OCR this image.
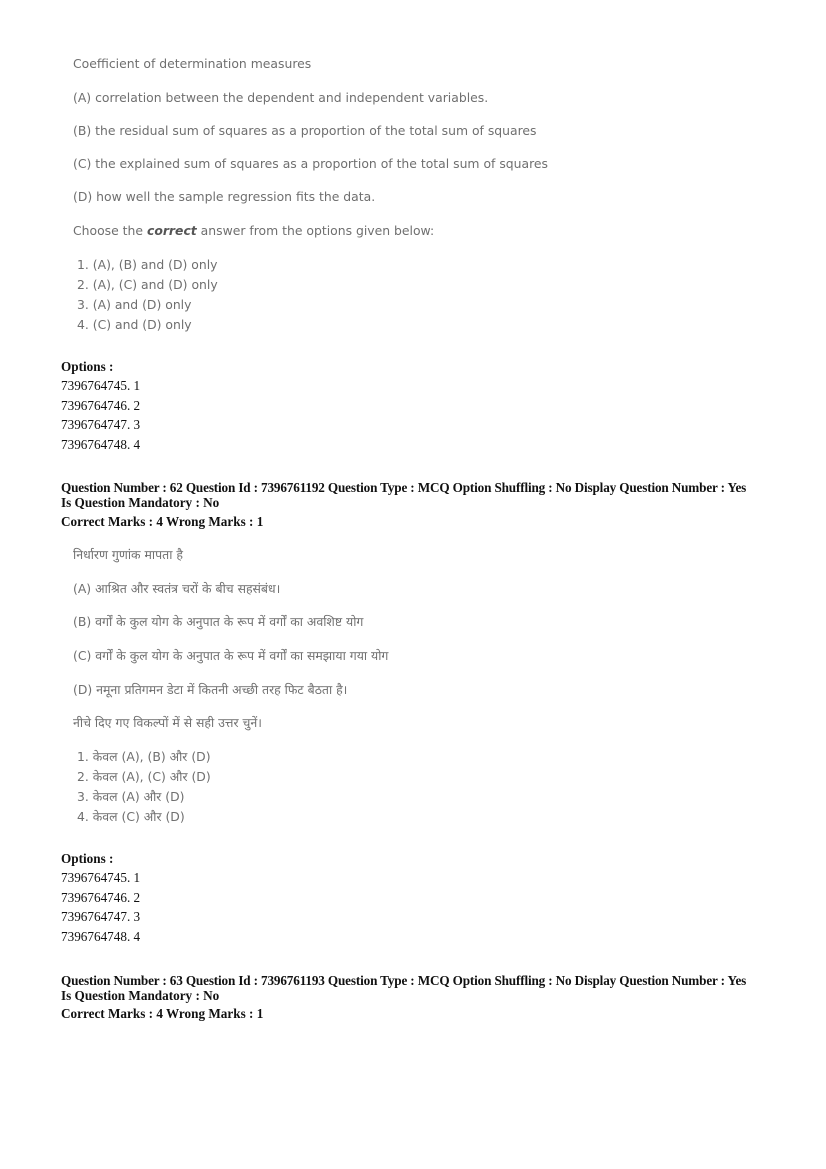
Coefficient of determination measures
(A) correlation between the dependent and independent variables.
(B) the residual sum of squares as a proportion of the total sum of squares
(C) the explained sum of squares as a proportion of the total sum of squares
(D) how well the sample regression fits the data.
Choose the correct answer from the options given below:
1. (A), (B) and (D) only
2. (A), (C) and (D) only
3. (A) and (D) only
4. (C) and (D) only
Options :
7396764745. 1
7396764746. 2
7396764747. 3
7396764748. 4
Question Number : 62 Question Id : 7396761192 Question Type : MCQ Option Shuffling : No Display Question Number : Yes
Is Question Mandatory : No
Correct Marks : 4 Wrong Marks : 1
निर्धारण गुणांक मापता है
(A) आश्रित और स्वतंत्र चरों के बीच सहसंबंध।
(B) वर्गों के कुल योग के अनुपात के रूप में वर्गों का अवशिष्ट योग
(C) वर्गों के कुल योग के अनुपात के रूप में वर्गों का समझाया गया योग
(D) नमूना प्रतिगमन डेटा में कितनी अच्छी तरह फिट बैठता है।
नीचे दिए गए विकल्पों में से सही उत्तर चुनें।
1. केवल (A), (B) और (D)
2. केवल (A), (C) और (D)
3. केवल (A) और (D)
4. केवल (C) और (D)
Options :
7396764745. 1
7396764746. 2
7396764747. 3
7396764748. 4
Question Number : 63 Question Id : 7396761193 Question Type : MCQ Option Shuffling : No Display Question Number : Yes
Is Question Mandatory : No
Correct Marks : 4 Wrong Marks : 1
